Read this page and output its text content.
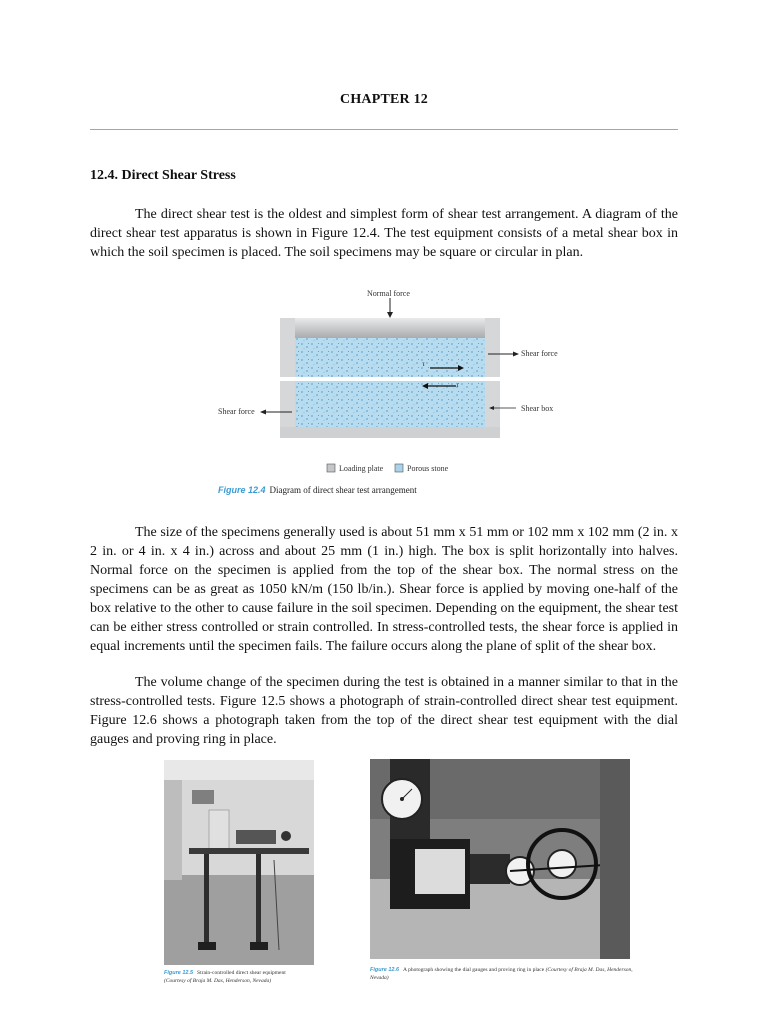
CHAPTER 12
12.4. Direct Shear Stress

The direct shear test is the oldest and simplest form of shear test arrangement. A diagram of the direct shear test apparatus is shown in Figure 12.4. The test equipment consists of a metal shear box in which the soil specimen is placed. The soil specimens may be square or circular in plan.

Normal force
Shear force
Shear force	Shear box
τ
τ
Loading plate	Porous stone
Figure 12.4 Diagram of direct shear test arrangement

The size of the specimens generally used is about 51 mm x 51 mm or 102 mm x 102 mm (2 in. x 2 in. or 4 in. x 4 in.) across and about 25 mm (1 in.) high. The box is split horizontally into halves. Normal force on the specimen is applied from the top of the shear box. The normal stress on the specimens can be as great as 1050 kN/m (150 lb/in.). Shear force is applied by moving one-half of the box relative to the other to cause failure in the soil specimen. Depending on the equipment, the shear test can be either stress controlled or strain controlled. In stress-controlled tests, the shear force is applied in equal increments until the specimen fails. The failure occurs along the plane of split of the shear box.

The volume change of the specimen during the test is obtained in a manner similar to that in the stress-controlled tests. Figure 12.5 shows a photograph of strain-controlled direct shear test equipment. Figure 12.6 shows a photograph taken from the top of the direct shear test equipment with the dial gauges and proving ring in place.

Figure 12.5 Strain-controlled direct shear equipment
(Courtesy of Braja M. Das, Henderson, Nevada)
Figure 12.6 A photograph showing the dial gauges and proving ring in place (Courtesy of Braja M. Das, Henderson, Nevada)
